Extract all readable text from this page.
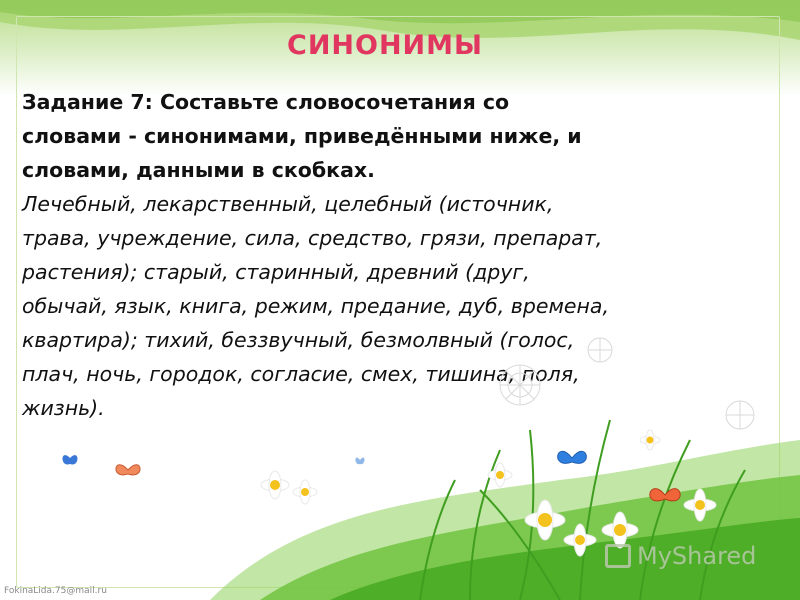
СИНОНИМЫ
Задание 7: Составьте словосочетания со
словами - синонимами, приведёнными ниже, и
словами, данными в скобках.
Лечебный, лекарственный, целебный (источник,
трава, учреждение, сила, средство, грязи, препарат,
растения); старый, старинный, древний (друг,
обычай, язык, книга, режим, предание, дуб, времена,
квартира); тихий, беззвучный, безмолвный (голос,
плач, ночь, городок, согласие, смех, тишина, поля,
жизнь).
MyShared
FokinaLida.75@mail.ru
